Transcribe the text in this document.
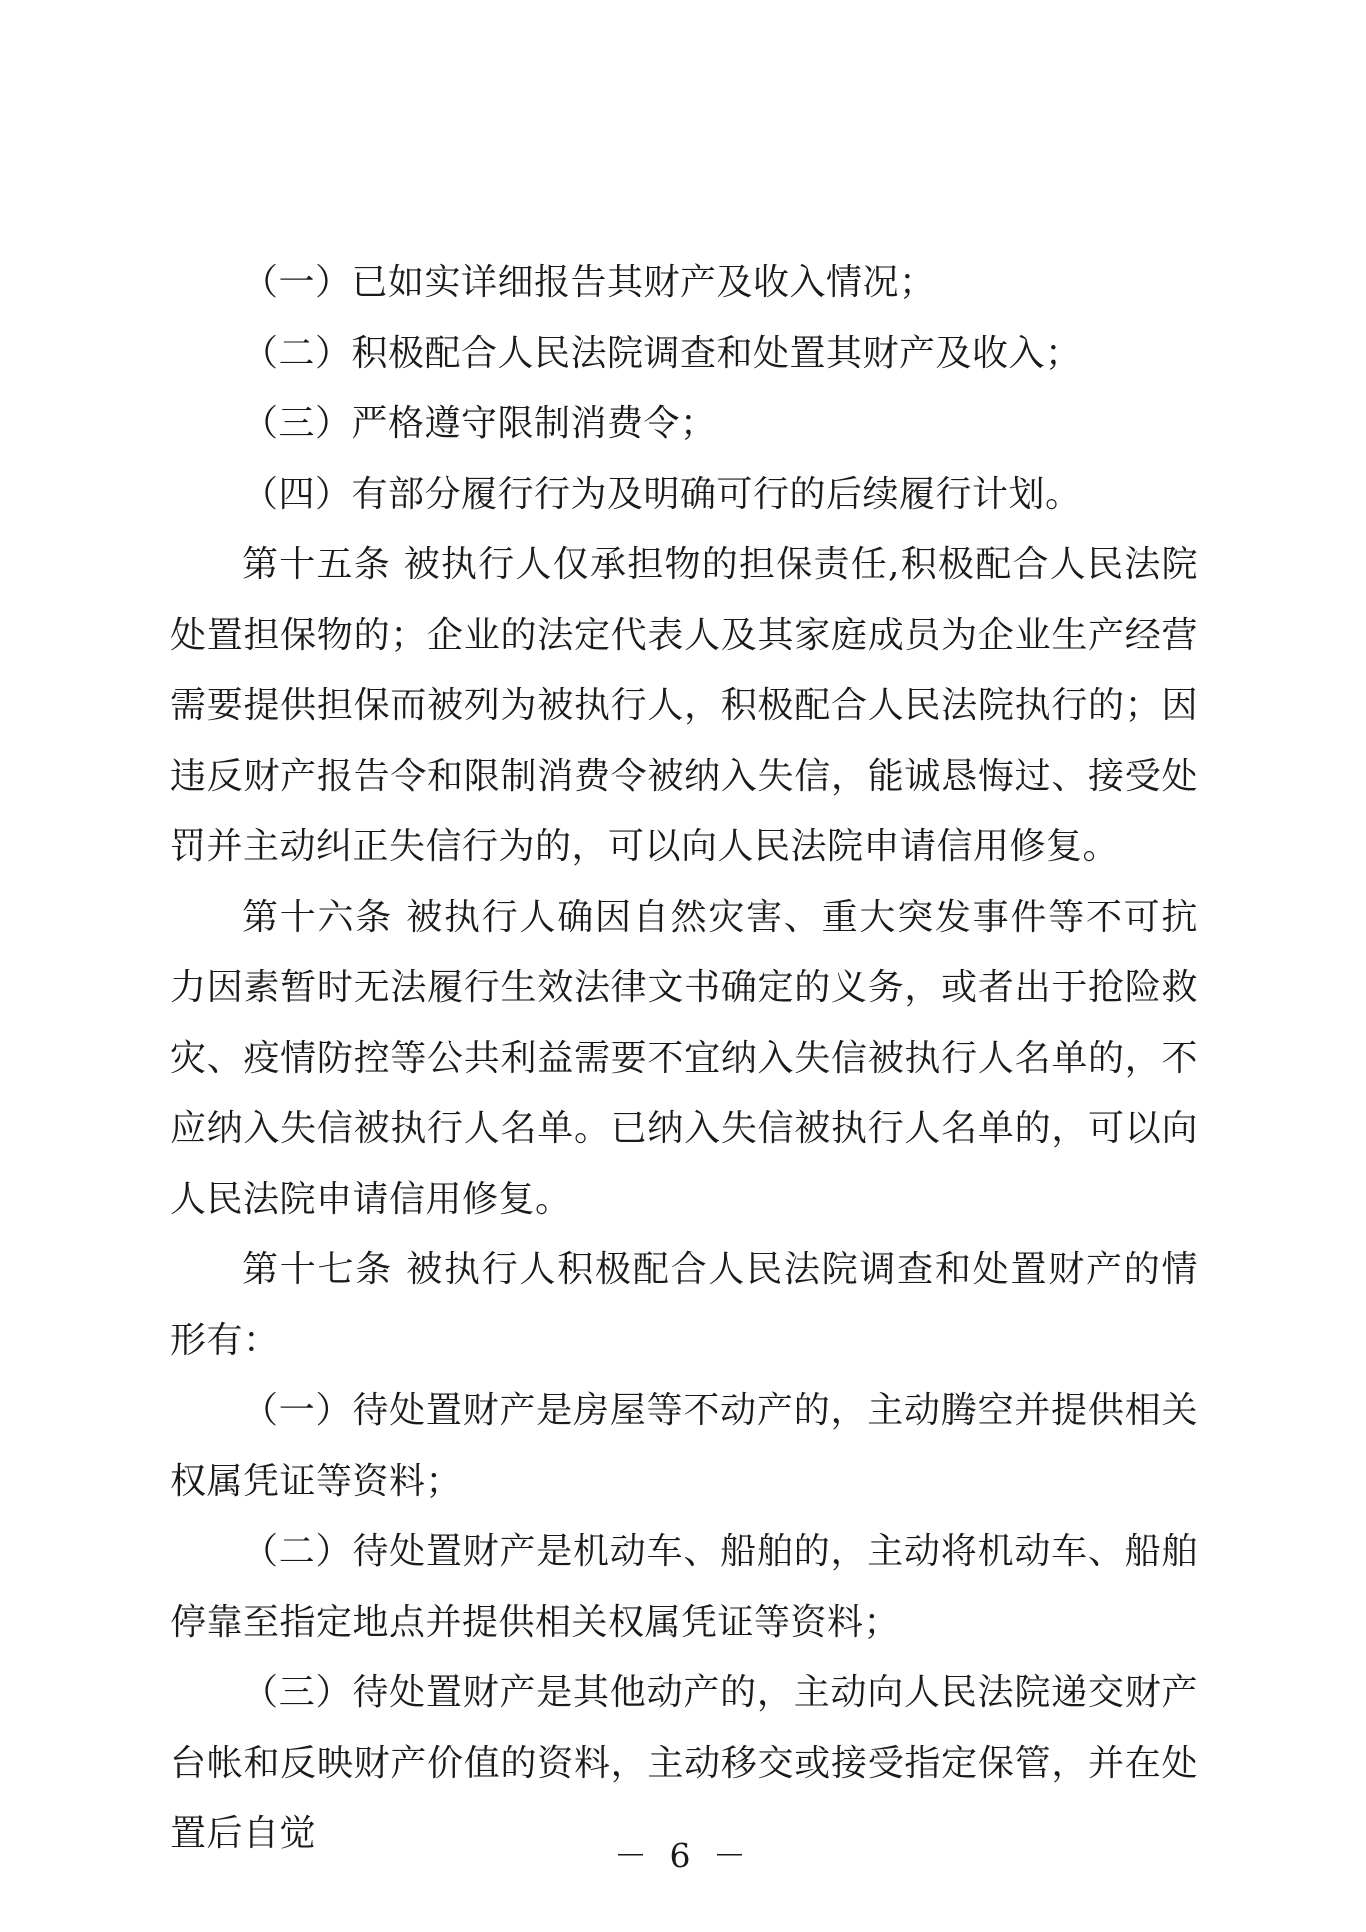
（一）已如实详细报告其财产及收入情况；

（二）积极配合人民法院调查和处置其财产及收入；

（三）严格遵守限制消费令；

（四）有部分履行行为及明确可行的后续履行计划。

第十五条 被执行人仅承担物的担保责任,积极配合人民法院处置担保物的；企业的法定代表人及其家庭成员为企业生产经营需要提供担保而被列为被执行人，积极配合人民法院执行的；因违反财产报告令和限制消费令被纳入失信，能诚恳悔过、接受处罚并主动纠正失信行为的，可以向人民法院申请信用修复。

第十六条 被执行人确因自然灾害、重大突发事件等不可抗力因素暂时无法履行生效法律文书确定的义务，或者出于抢险救灾、疫情防控等公共利益需要不宜纳入失信被执行人名单的，不应纳入失信被执行人名单。已纳入失信被执行人名单的，可以向人民法院申请信用修复。

第十七条 被执行人积极配合人民法院调查和处置财产的情形有：

（一）待处置财产是房屋等不动产的，主动腾空并提供相关权属凭证等资料；

（二）待处置财产是机动车、船舶的，主动将机动车、船舶停靠至指定地点并提供相关权属凭证等资料；

（三）待处置财产是其他动产的，主动向人民法院递交财产台帐和反映财产价值的资料，主动移交或接受指定保管，并在处置后自觉

－ 6 －
